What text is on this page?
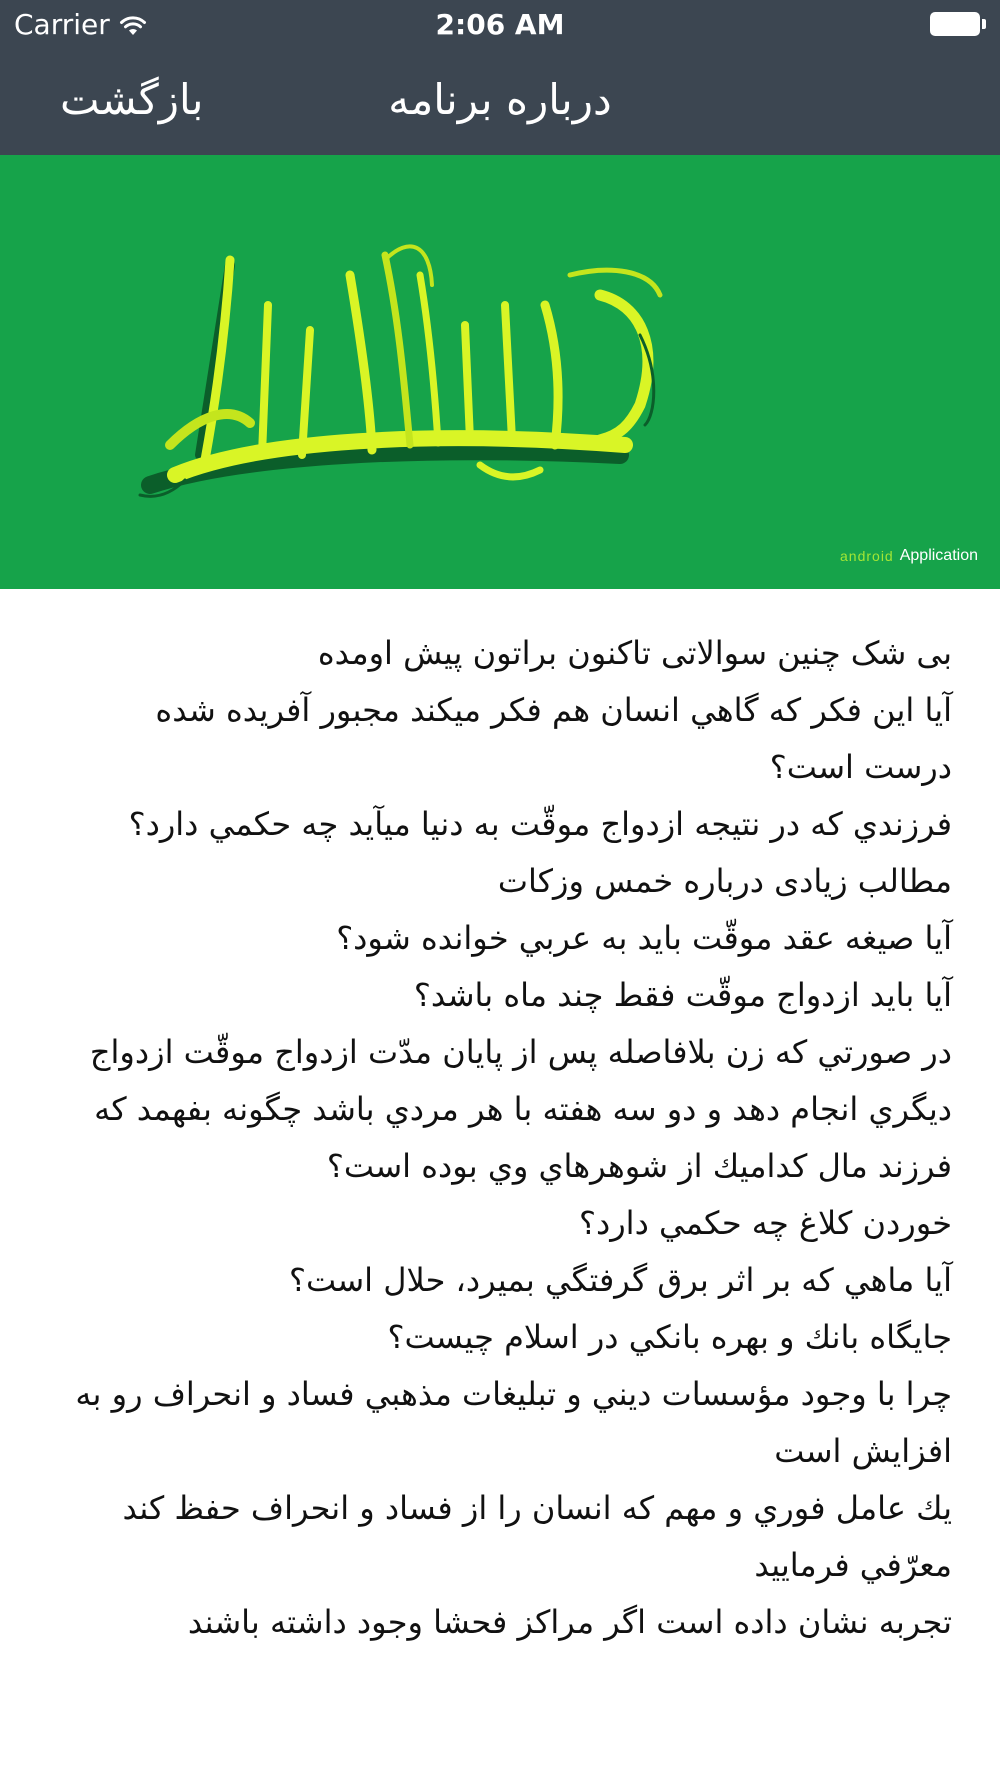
Carrier	2:06 AM
بازگشت	درباره برنامه
android Application

بی شک چنین سوالاتی تاکنون براتون پیش اومده

آيا اين فكر كه گاهي انسان هم فكر ميكند مجبور آفريده شده درست است؟

فرزندي كه در نتيجه ازدواج موقّت به دنيا ميآيد چه حكمي دارد؟

مطالب زیادی درباره خمس وزکات

آيا صيغه عقد موقّت بايد به عربي خوانده شود؟

آيا بايد ازدواج موقّت فقط چند ماه باشد؟

در صورتي كه زن بلافاصله پس از پايان مدّت ازدواج موقّت ازدواج ديگري انجام دهد و دو سه هفته با هر مردي باشد چگونه بفهمد كه فرزند مال كداميك از شوهرهاي وي بوده است؟

خوردن كلاغ چه حكمي دارد؟

آيا ماهي كه بر اثر برق گرفتگي بميرد، حلال است؟

جايگاه بانك و بهره بانكي در اسلام چيست؟

چرا با وجود مؤسسات ديني و تبليغات مذهبي فساد و انحراف رو به افزايش است

يك عامل فوري و مهم كه انسان را از فساد و انحراف حفظ كند معرّفي فرماييد

تجربه نشان داده است اگر مراكز فحشا وجود داشته باشند
